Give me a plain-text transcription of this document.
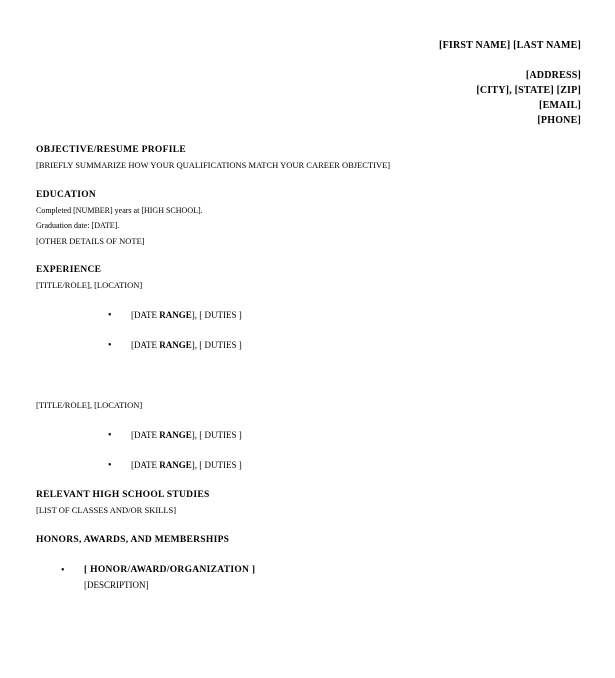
[FIRST NAME] [LAST NAME]
[ADDRESS]
[CITY], [STATE] [ZIP]
[EMAIL]
[PHONE]
OBJECTIVE/RESUME PROFILE
[BRIEFLY SUMMARIZE HOW YOUR QUALIFICATIONS MATCH YOUR CAREER OBJECTIVE]
EDUCATION
Completed [NUMBER] years at [HIGH SCHOOL].
Graduation date: [DATE].
[OTHER DETAILS OF NOTE]
EXPERIENCE
[TITLE/ROLE], [LOCATION]
• [DATE RANGE], [ DUTIES ]
• [DATE RANGE], [ DUTIES ]
[TITLE/ROLE], [LOCATION]
• [DATE RANGE], [ DUTIES ]
• [DATE RANGE], [ DUTIES ]
RELEVANT HIGH SCHOOL STUDIES
[LIST OF CLASSES AND/OR SKILLS]
HONORS, AWARDS, AND MEMBERSHIPS
• [ HONOR/AWARD/ORGANIZATION ]
[DESCRIPTION]
